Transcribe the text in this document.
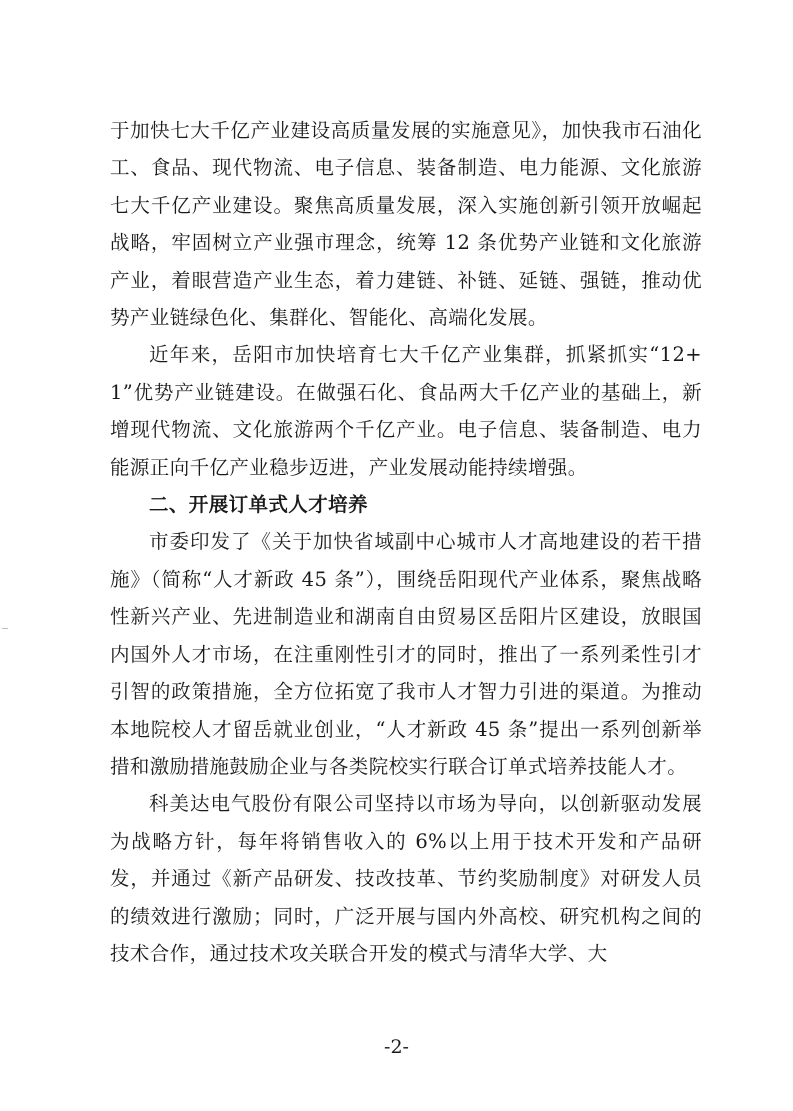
于加快七大千亿产业建设高质量发展的实施意见》，加快我市石油化工、食品、现代物流、电子信息、装备制造、电力能源、文化旅游七大千亿产业建设。聚焦高质量发展，深入实施创新引领开放崛起战略，牢固树立产业强市理念，统筹 12 条优势产业链和文化旅游产业，着眼营造产业生态，着力建链、补链、延链、强链，推动优势产业链绿色化、集群化、智能化、高端化发展。

近年来，岳阳市加快培育七大千亿产业集群，抓紧抓实“12+1”优势产业链建设。在做强石化、食品两大千亿产业的基础上，新增现代物流、文化旅游两个千亿产业。电子信息、装备制造、电力能源正向千亿产业稳步迈进，产业发展动能持续增强。

二、开展订单式人才培养

市委印发了《关于加快省域副中心城市人才高地建设的若干措施》（简称“人才新政 45 条”），围绕岳阳现代产业体系，聚焦战略性新兴产业、先进制造业和湖南自由贸易区岳阳片区建设，放眼国内国外人才市场，在注重刚性引才的同时，推出了一系列柔性引才引智的政策措施，全方位拓宽了我市人才智力引进的渠道。为推动本地院校人才留岳就业创业，“人才新政 45 条”提出一系列创新举措和激励措施鼓励企业与各类院校实行联合订单式培养技能人才。

科美达电气股份有限公司坚持以市场为导向，以创新驱动发展为战略方针，每年将销售收入的 6%以上用于技术开发和产品研发，并通过《新产品研发、技改技革、节约奖励制度》对研发人员的绩效进行激励；同时，广泛开展与国内外高校、研究机构之间的技术合作，通过技术攻关联合开发的模式与清华大学、大

-2-
